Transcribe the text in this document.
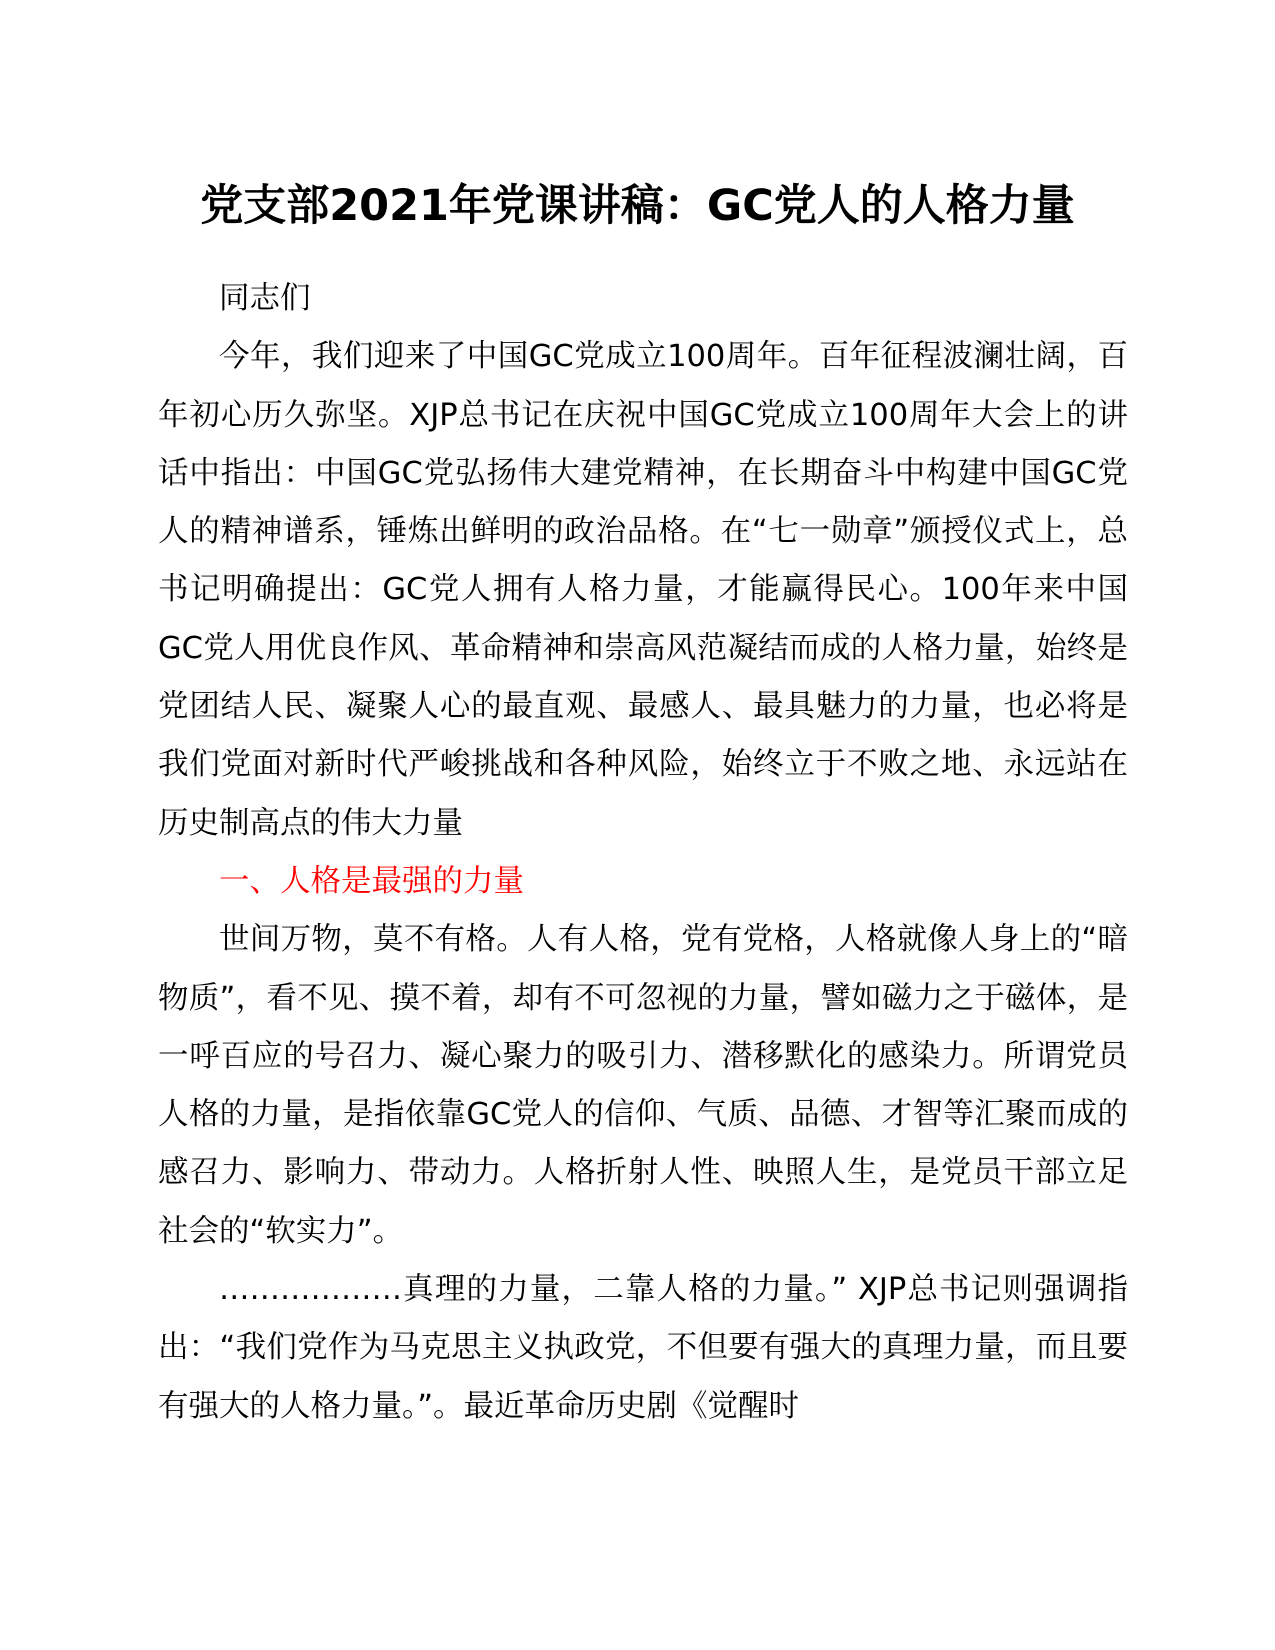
党支部2021年党课讲稿：GC党人的人格力量

同志们

今年，我们迎来了中国GC党成立100周年。百年征程波澜壮阔，百年初心历久弥坚。XJP总书记在庆祝中国GC党成立100周年大会上的讲话中指出：中国GC党弘扬伟大建党精神，在长期奋斗中构建中国GC党人的精神谱系，锤炼出鲜明的政治品格。在“七一勋章”颁授仪式上，总书记明确提出：GC党人拥有人格力量，才能赢得民心。100年来中国GC党人用优良作风、革命精神和崇高风范凝结而成的人格力量，始终是党团结人民、凝聚人心的最直观、最感人、最具魅力的力量，也必将是我们党面对新时代严峻挑战和各种风险，始终立于不败之地、永远站在历史制高点的伟大力量

一、人格是最强的力量

世间万物，莫不有格。人有人格，党有党格，人格就像人身上的“暗物质”，看不见、摸不着，却有不可忽视的力量，譬如磁力之于磁体，是一呼百应的号召力、凝心聚力的吸引力、潜移默化的感染力。所谓党员人格的力量，是指依靠GC党人的信仰、气质、品德、才智等汇聚而成的感召力、影响力、带动力。人格折射人性、映照人生，是党员干部立足社会的“软实力”。

………………真理的力量，二靠人格的力量。” XJP总书记则强调指出：“我们党作为马克思主义执政党，不但要有强大的真理力量，而且要有强大的人格力量。”。最近革命历史剧《觉醒时
